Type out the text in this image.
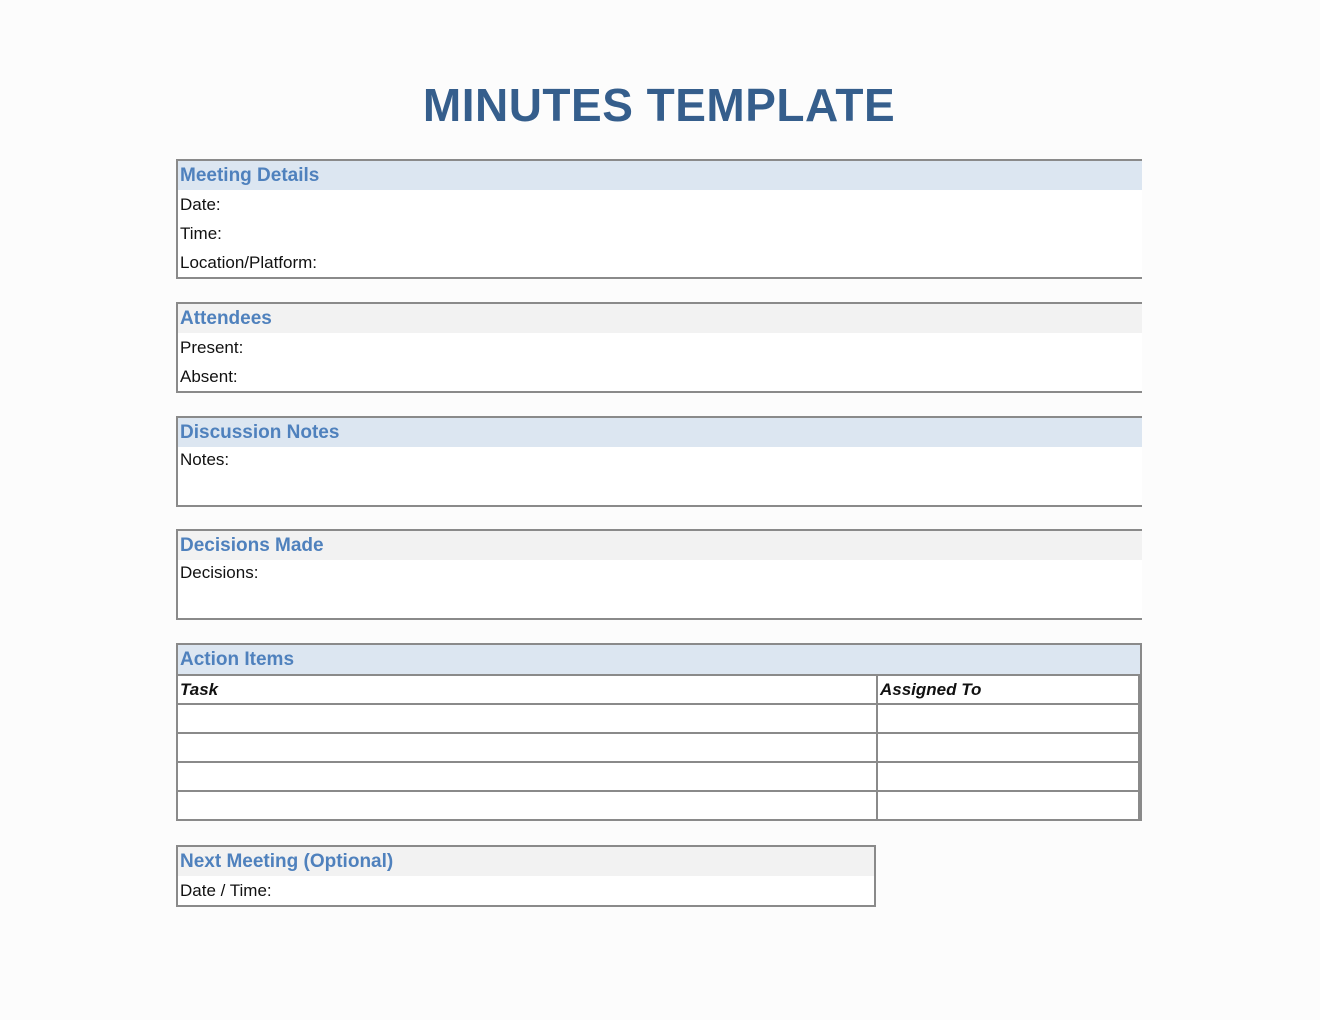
MINUTES TEMPLATE
Meeting Details
Date:
Time:
Location/Platform:
Attendees
Present:
Absent:
Discussion Notes
Notes:
Decisions Made
Decisions:
Action Items
Task	Assigned To

Next Meeting (Optional)
Date / Time:
